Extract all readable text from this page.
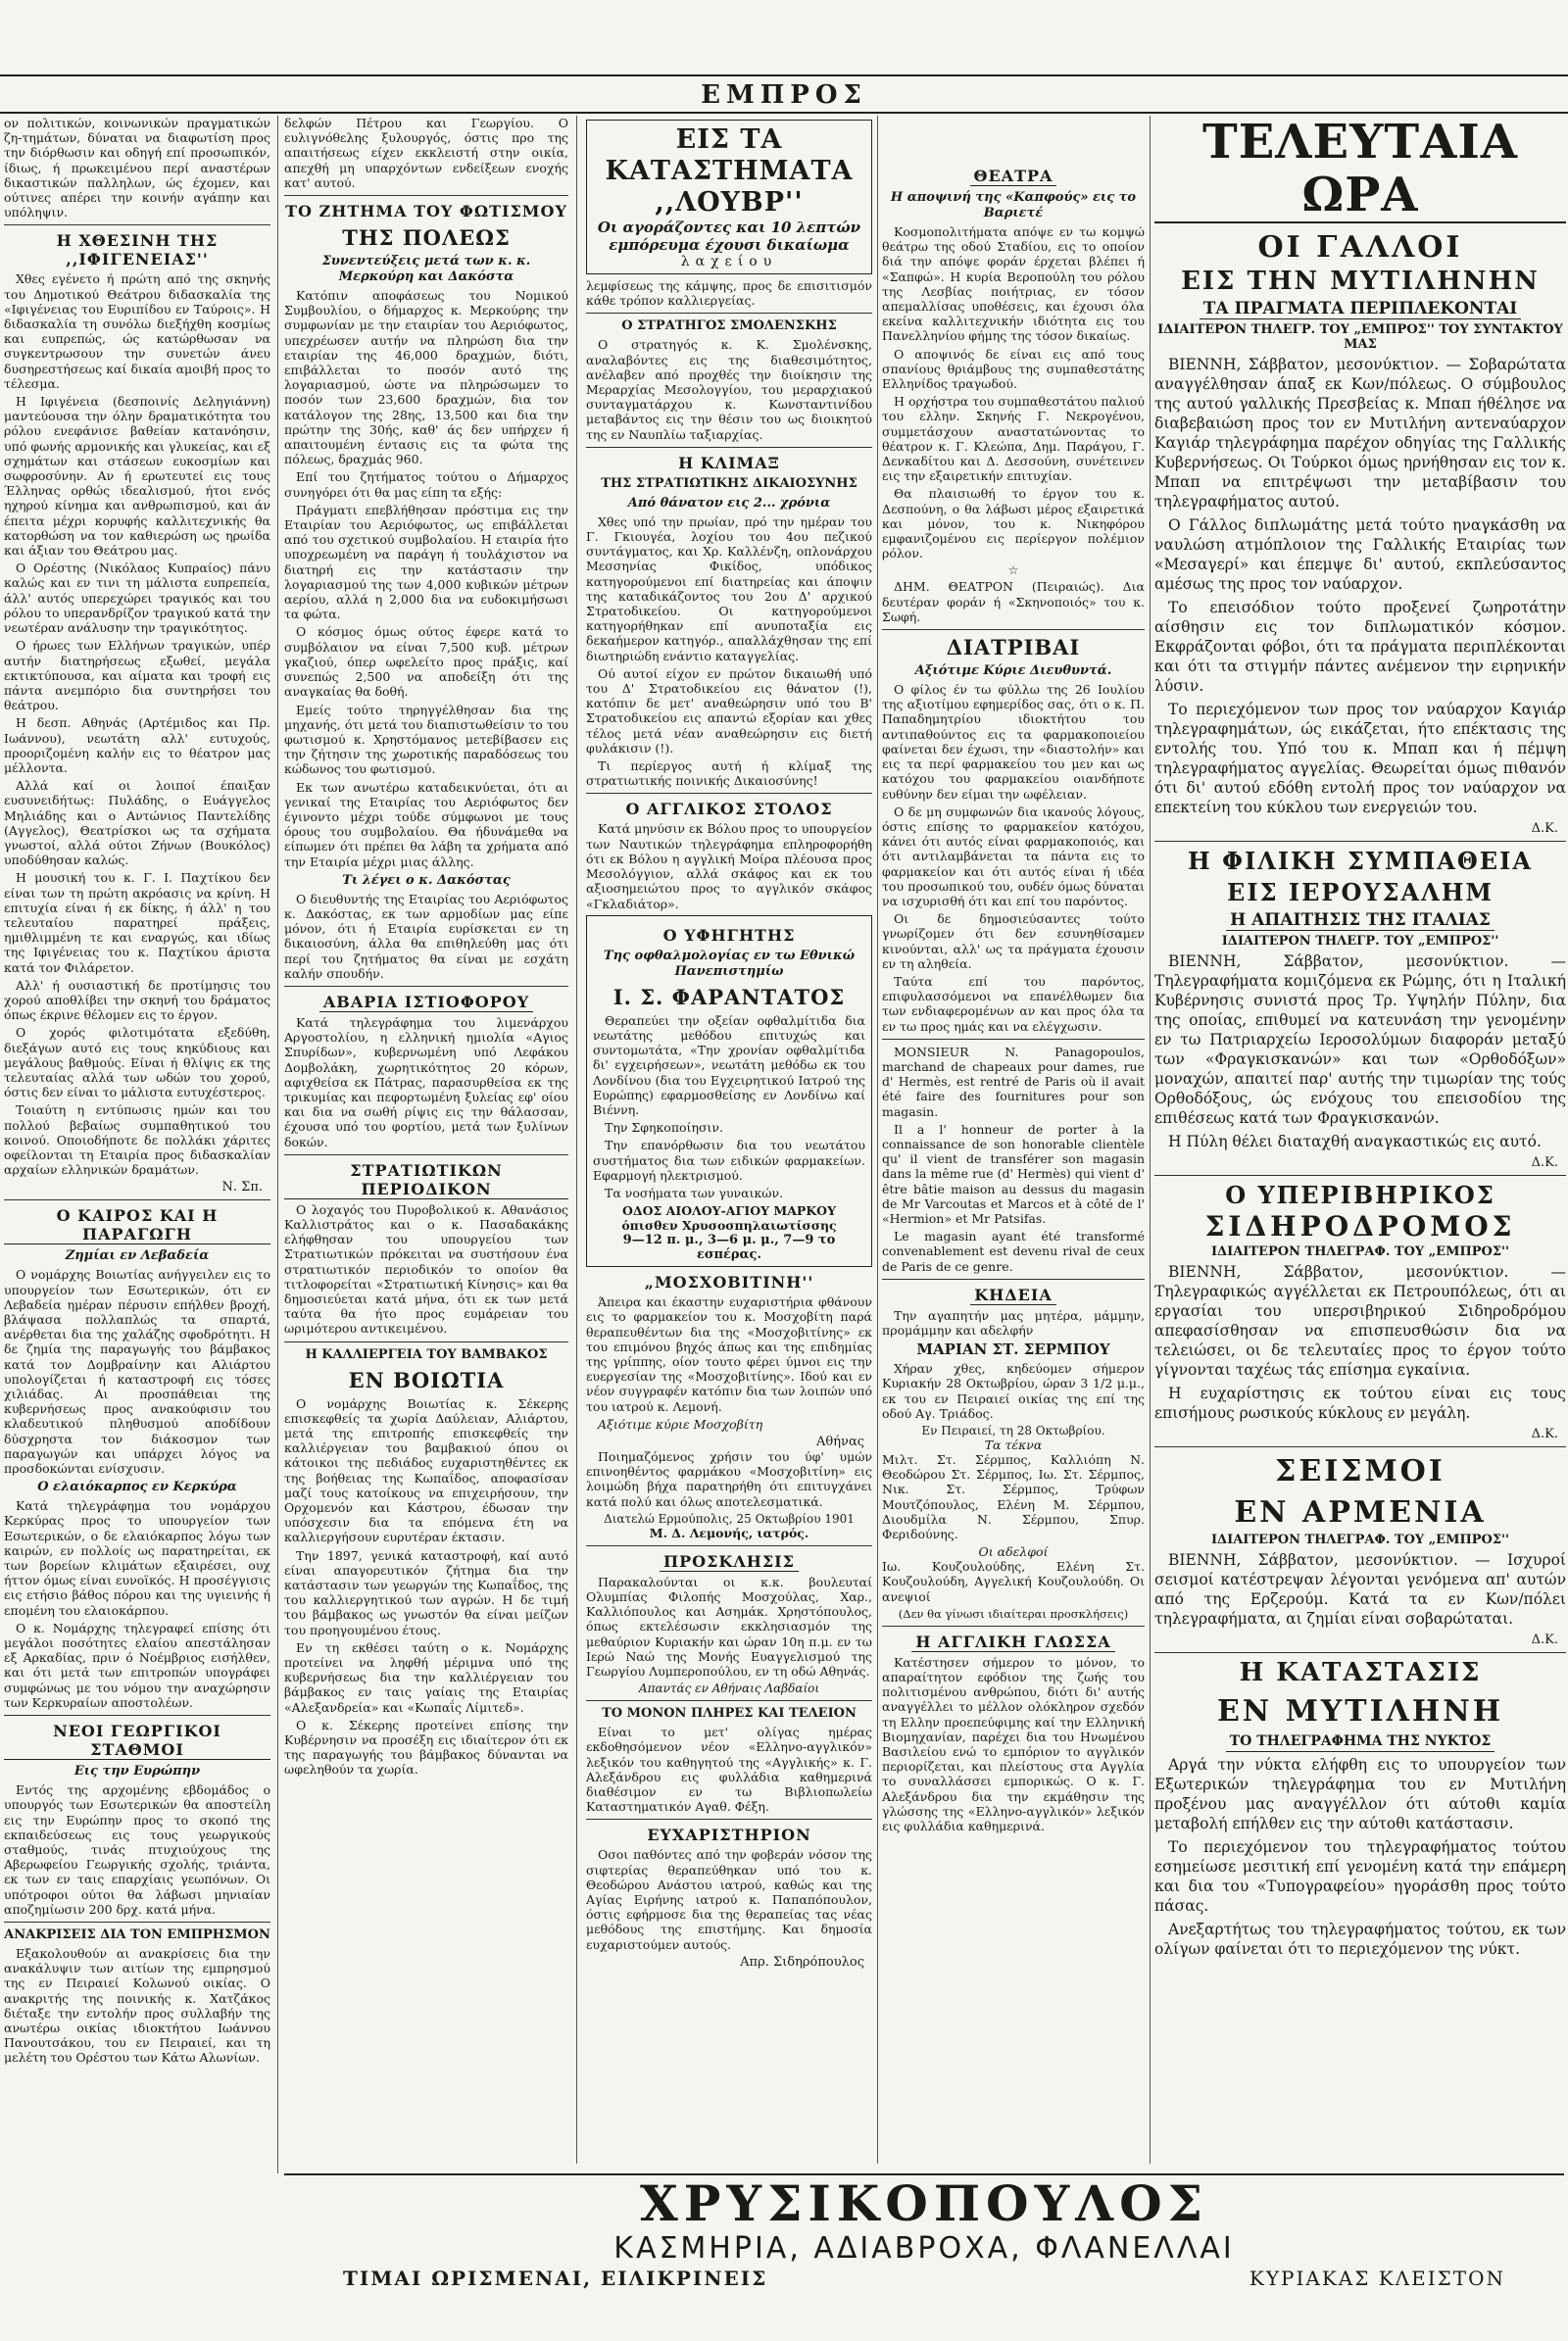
ΕΜΠΡΟΣ

ον πολιτικών, κοινωνικών πραγματικών ζη-τημάτων, δύναται να διαφωτίση προς την διόρθωσιν και οδηγή επί προσωπικόν, ίδιως, ή πρωκειμένου περί αναστέρων δικαστικών παλληλων, ώς έχομεν, και ούτινες απέρει την κοινήν αγάπην και υπόληψιν.

Η ΧΘΕΣΙΝΗ ΤΗΣ ,,ΙΦΙΓΕΝΕΙΑΣ''

Χθες εγένετο ή πρώτη από της σκηνής του Δημοτικού Θεάτρου διδασκαλία της «Ιφιγένειας του Ευριπίδου εν Ταύροις». Η διδασκαλία τη συνόλω διεξήχθη κοσμίως και ευπρεπώς, ώς κατώρθωσαν να συγκεντρωσουν την συνετών άνευ δυσηρεστήσεως καί δικαία αμοιβή προς το τέλεσμα.

Η Ιφιγένεια (δεσποινίς Δεληγιάννη) μαντεύουσα την όλην δραματικότητα του ρόλου ενεφάνισε βαθείαν κατανόησιν, υπό φωνής αρμονικής και γλυκείας, και εξ σχημάτων και στάσεων ευκοσμίων και σωφροσύνην. Αν ή ερωτευτεί εις τους Έλληνας ορθώς ιδεαλισμού, ήτοι ενός ηχηρού κίνημα και ανθρωπισμού, και άν έπειτα μέχρι κορυφής καλλιτεχνικής θα κατορθώση να τον καθιερώση ως ηρωίδα και άξιαν του Θεάτρου μας.

Ο Ορέστης (Νικόλαος Κυπραίος) πάνυ καλώς και εν τινι τη μάλιστα ευπρεπεία, άλλ' αυτός υπερεχώρει τραγικός και του ρόλου το υπερανδρίζον τραγικού κατά την νεωτέραν ανάλυσην την τραγικότητος.

Ο ήρωες των Ελλήνων τραγικών, υπέρ αυτήν διατηρήσεως εξωθεί, μεγάλα εκτικτύπουσα, και αίματα και τροφή εις πάντα ανεμπόριο δια συντηρήσει του θεάτρου.

Η δεσπ. Αθηνάς (Αρτέμιδος και Πρ. Ιωάννου), νεωτάτη αλλ' ευτυχούς, προοριζομένη καλήν εις το θέατρον μας μέλλοντα.

Αλλά καί οι λοιποί έπαιξαν ευσυνειδήτως: Πυλάδης, ο Ευάγγελος Μηλιάδης και ο Αντώνιος Παντελίδης (Αγγελος), Θεατρίσκοι ως τα σχήματα γνωστοί, αλλά ούτοι Ζήνων (Βουκόλος) υποδύθησαν καλώς.

Η μουσική του κ. Γ. Ι. Παχτίκου δεν είναι των τη πρώτη ακρόασις να κρίνη. Η επιτυχία είναι ή εκ δίκης, ή άλλ' η του τελευταίου παρατηρεί πράξεις, ημιθλιμμένη τε και εναργώς, και ιδίως της Ιφιγένειας του κ. Παχτίκου άριστα κατά τον Φιλάρετον.

Αλλ' ή ουσιαστική δε προτίμησις του χορού αποθλίβει την σκηνή του δράματος όπως έκρινε θέλομεν εις το έργον.

Ο χορός φιλοτιμότατα εξεδύθη, διεξάγων αυτό εις τους κηκύδιους και μεγάλους βαθμούς. Είναι ή θλίψις εκ της τελευταίας αλλά των ωδών του χορού, όστις δεν είναι το μάλιστα ευτυχέστερος.

Τοιαύτη η εντύπωσις ημών και του πολλού βεβαίως συμπαθητικού του κοινού. Οποιοδήποτε δε πολλάκι χάριτες οφείλονται τη Εταιρία προς διδασκαλίαν αρχαίων ελληνικών δραμάτων.

Ν. Σπ.
Ο ΚΑΙΡΟΣ ΚΑΙ Η ΠΑΡΑΓΩΓΗ
Ζημίαι εν Λεβαδεία

Ο νομάρχης Βοιωτίας ανήγγειλεν εις το υπουργείον των Εσωτερικών, ότι εν Λεβαδεία ημέραν πέρυσιν επήλθεν βροχή, βλάψασα πολλαπλώς τα σπαρτά, ανέρθεται δια της χαλάζης σφοδρότητι. Η δε ζημία της παραγωγής του βάμβακος κατά τον Δομβραίνην και Αλιάρτου υπολογίζεται ή καταστροφή εις τόσες χιλιάδας. Αι προσπάθειαι της κυβερνήσεως προς ανακούφισιν του κλαδευτικού πληθυσμού αποδίδουν δύσχρηστα τον διάκοσμον των παραγωγών και υπάρχει λόγος να προσδοκώνται ενίσχυσιν.

Ο ελαιόκαρπος εν Κερκύρα

Κατά τηλεγράφημα του νομάρχου Κερκύρας προς το υπουργείον των Εσωτερικών, ο δε ελαιόκαρπος λόγω των καιρών, εν πολλοίς ως παρατηρείται, εκ των βορείων κλιμάτων εξαιρέσει, ουχ ήττον όμως είναι ευνοϊκός. Η προσέγγισις εις ετήσιο βάθος πόρου και της υγιεινής ή επομένη του ελαιοκάρπου.

Ο κ. Νομάρχης τηλεγραφεί επίσης ότι μεγάλοι ποσότητες ελαίου απεστάλησαν εξ Αρκαδίας, πριν ό Νοέμβριος εισήλθεν, και ότι μετά των επιτροπών υπογράφει συμφώνως με του νόμου την αναχώρησιν των Κερκυραίων αποστολέων.

ΝΕΟΙ ΓΕΩΡΓΙΚΟΙ ΣΤΑΘΜΟΙ
Εις την Ευρώπην

Εντός της αρχομένης εβδομάδος ο υπουργός των Εσωτερικών θα αποστείλη εις την Ευρώπην προς το σκοπό της εκπαιδεύσεως εις τους γεωργικούς σταθμούς, τινάς πτυχιούχους της Αβερωφείου Γεωργικής σχολής, τριάντα, εκ των εν ταις επαρχίαις γεωπόνων. Οι υπότροφοι ούτοι θα λάβωσι μηνιαίαν αποζημίωσιν 200 δρχ. κατά μήνα.

ΑΝΑΚΡΙΣΕΙΣ ΔΙΑ ΤΟΝ ΕΜΠΡΗΣΜΟΝ

Εξακολουθούν αι ανακρίσεις δια την ανακάλυψιν των αιτίων της εμπρησμού της εν Πειραιεί Κολωνού οικίας. Ο ανακριτής της ποινικής κ. Χατζάκος διέταξε την εντολήν προς συλλαβήν της ανωτέρω οικίας ιδιοκτήτου Ιωάννου Πανουτσάκου, του εν Πειραιεί, και τη μελέτη του Ορέστου των Κάτω Αλωνίων.

δελφών Πέτρου και Γεωργίου. Ο ευλιγνόθελης ξυλουργός, όστις προ της απαιτήσεως είχεν εκκλειστή στην οικία, απεχθή μη υπαρχόντων ενδείξεων ενοχής κατ' αυτού.

ΤΟ ΖΗΤΗΜΑ ΤΟΥ ΦΩΤΙΣΜΟΥ
ΤΗΣ ΠΟΛΕΩΣ
Συνεντεύξεις μετά των κ. κ. Μερκούρη και Δακόστα

Κατόπιν αποφάσεως του Νομικού Συμβουλίου, ο δήμαρχος κ. Μερκούρης την συμφωνίαν με την εταιρίαν του Αεριόφωτος, υπεχρέωσεν αυτήν να πληρώση δια την εταιρίαν της 46,000 δραχμών, διότι, επιβάλλεται το ποσόν αυτό της λογαριασμού, ώστε να πληρώσωμεν το ποσόν των 23,600 δραχμών, δια τον κατάλογον της 28ης, 13,500 και δια την πρώτην της 30ής, καθ' άς δεν υπήρχεν ή απαιτουμένη έντασις εις τα φώτα της πόλεως, δραχμάς 960.

Επί του ζητήματος τούτου ο Δήμαρχος συνηγόρει ότι θα μας είπη τα εξής:

Πράγματι επεβλήθησαν πρόστιμα εις την Εταιρίαν του Αεριόφωτος, ως επιβάλλεται από του σχετικού συμβολαίου. Η εταιρία ήτο υποχρεωμένη να παράγη ή τουλάχιστον να διατηρή εις την κατάστασιν την λογαριασμού της των 4,000 κυβικών μέτρων αερίου, αλλά η 2,000 δια να ευδοκιμήσωσι τα φώτα.

Ο κόσμος όμως ούτος έφερε κατά το συμβόλαιον να είναι 7,500 κυβ. μέτρων γκαζιού, όπερ ωφελείτο προς πράξις, καί συνεπώς 2,500 να αποδείξη ότι της αναγκαίας θα δοθή.

Εμείς τούτο τηρηγγέλθησαν δια της μηχανής, ότι μετά του διαπιστωθείσιν το του φωτισμού κ. Χρηστόμανος μετεβίβασεν εις την ζήτησιν της χωροτικής παραδόσεως του κώδωνος του φωτισμού.

Εκ των ανωτέρω καταδεικνύεται, ότι αι γενικαί της Εταιρίας του Αεριόφωτος δεν έγινοντο μέχρι τούδε σύμφωνοι με τους όρους του συμβολαίου. Θα ήδυνάμεθα να είπωμεν ότι πρέπει θα λάβη τα χρήματα από την Εταιρία μέχρι μιας άλλης.

Τι λέγει ο κ. Δακόστας

Ο διευθυντής της Εταιρίας του Αεριόφωτος κ. Δακόστας, εκ των αρμοδίων μας είπε μόνον, ότι ή Εταιρία ευρίσκεται εν τη δικαιοσύνη, άλλα θα επιθηλεύθη μας ότι περί του ζητήματος θα είναι με εσχάτη καλήν σπουδήν.

ΑΒΑΡΙΑ ΙΣΤΙΟΦΟΡΟΥ

Κατά τηλεγράφημα του λιμενάρχου Αργοστολίου, η ελληνική ημιολία «Αγιος Σπυρίδων», κυβερνωμένη υπό Λεφάκου Δομβολάκη, χωρητικότητος 20 κόρων, αφιχθείσα εκ Πάτρας, παρασυρθείσα εκ της τρικυμίας και πεφορτωμένη ξυλείας εφ' οίου και δια να σωθή ρίψις εις την θάλασσαν, έχουσα υπό του φορτίου, μετά των ξυλίνων δοκών.

ΣΤΡΑΤΙΩΤΙΚΩΝ ΠΕΡΙΟΔΙΚΟΝ

Ο λοχαγός του Πυροβολικού κ. Αθανάσιος Καλλιστράτος και ο κ. Πασαδακάκης ελήφθησαν του υπουργείου των Στρατιωτικών πρόκειται να συστήσουν ένα στρατιωτικόν περιοδικόν το οποίον θα τιτλοφορείται «Στρατιωτική Κίνησις» και θα δημοσιεύεται κατά μήνα, ότι εκ των μετά ταύτα θα ήτο προς ευμάρειαν του ωριμότερου αντικειμένου.

Η ΚΑΛΛΙΕΡΓΕΙΑ ΤΟΥ ΒΑΜΒΑΚΟΣ
ΕΝ ΒΟΙΩΤΙΑ

Ο νομάρχης Βοιωτίας κ. Σέκερης επισκεφθείς τα χωρία Δαύλειαν, Αλιάρτου, μετά της επιτροπής επισκεφθείς την καλλιέργειαν του βαμβακιού όπου οι κάτοικοι της πεδιάδος ευχαριστηθέντες εκ της βοήθειας της Κωπαΐδος, αποφασίσαν μαζί τους κατοίκους να επιχειρήσουν, την Ορχομενόν και Κάστρου, έδωσαν την υπόσχεσιν δια τα επόμενα έτη να καλλιεργήσουν ευρυτέραν έκτασιν.

Την 1897, γενικά καταστροφή, καί αυτό είναι απαγορευτικόν ζήτημα δια την κατάστασιν των γεωργών της Κωπαΐδος, της του καλλιεργητικού των αγρών. Η δε τιμή του βάμβακος ως γνωστόν θα είναι μείζων του προηγουμένου έτους.

Εν τη εκθέσει ταύτη ο κ. Νομάρχης προτείνει να ληφθή μέριμνα υπό της κυβερνήσεως δια την καλλιέργειαν του βάμβακος εν ταις γαίαις της Εταιρίας «Αλεξανδρεία» και «Κωπαΐς Λίμιτεδ».

Ο κ. Σέκερης προτείνει επίσης την Κυβέρνησιν να προσέξη εις ιδιαίτερον ότι εκ της παραγωγής του βάμβακος δύνανται να ωφεληθούν τα χωρία.

ΕΙΣ ΤΑ ΚΑΤΑΣΤΗΜΑΤΑ ,,ΛΟΥΒΡ''
Οι αγοράζοντες και 10 λεπτών εμπόρευμα έχουσι δικαίωμα
λαχείου

λεμφίσεως της κάμψης, προς δε επισιτισμόν κάθε τρόπον καλλιεργείας.

Ο ΣΤΡΑΤΗΓΟΣ ΣΜΟΛΕΝΣΚΗΣ

Ο στρατηγός κ. Κ. Σμολένσκης, αναλαβόντες εις της διαθεσιμότητος, ανέλαβεν από προχθές την διοίκησιν της Μεραρχίας Μεσολογγίου, του μεραρχιακού συνταγματάρχου κ. Κωνσταντινίδου μεταβάντος εις την θέσιν του ως διοικητού της εν Ναυπλίω ταξιαρχίας.

Η ΚΛΙΜΑΞ
ΤΗΣ ΣΤΡΑΤΙΩΤΙΚΗΣ ΔΙΚΑΙΟΣΥΝΗΣ
Από θάνατον εις 2... χρόνια

Χθες υπό την πρωίαν, πρό την ημέραν του Γ. Γκιουγέα, λοχίου του 4ου πεζικού συντάγματος, και Χρ. Καλλένζη, οπλονάρχου Μεσσηνίας Φικίδος, υπόδικος κατηγορούμενοι επί διατηρείας και άποψιν της καταδικάζοντος του 2ου Δ' αρχικού Στρατοδικείου. Οι κατηγορούμενοι κατηγορήθηκαν επί ανυποταξία εις δεκαήμερον κατηγόρ., απαλλάχθησαν της επί διωτηριώδη ενάντιο καταγγελίας.

Ού αυτοί είχον εν πρώτον δικαιωθή υπό του Δ' Στρατοδικείου εις θάνατον (!), κατόπιν δε μετ' αναθεώρησιν υπό του Β' Στρατοδικείου εις απαντώ εξορίαν και χθες τέλος μετά νέαν αναθεώρησιν εις διετή φυλάκισιν (!).

Τι περίεργος αυτή ή κλίμαξ της στρατιωτικής ποινικής Δικαιοσύνης!

Ο ΑΓΓΛΙΚΟΣ ΣΤΟΛΟΣ

Κατά μηνύσιν εκ Βόλου προς το υπουργείον των Ναυτικών τηλεγράφημα επληροφορήθη ότι εκ Βόλου η αγγλική Μοίρα πλέουσα προς Μεσολόγγιον, αλλά σκάφος και εκ του αξιοσημειώτου προς το αγγλικόν σκάφος «Γκλαδιάτορ».

Ο ΥΦΗΓΗΤΗΣ
Της οφθαλμολογίας εν τω Εθνικώ Πανεπιστημίω
Ι. Σ. ΦΑΡΑΝΤΑΤΟΣ

Θεραπεύει την οξείαν οφθαλμίτιδα δια νεωτάτης μεθόδου επιτυχώς και συντομωτάτα, «Την χρονίαν οφθαλμίτιδα δι' εγχειρήσεων», νεωτάτη μεθόδω εκ του Λονδίνου (δια του Εγχειρητικού Ιατρού της Ευρώπης) εφαρμοσθείσης εν Λονδίνω καί Βιέννη.

Την Σφηκοποίησιν.

Την επανόρθωσιν δια του νεωτάτου συστήματος δια των ειδικών φαρμακείων. Εφαρμογή ηλεκτρισμού.

Τα νοσήματα των γυναικών.

ΟΔΟΣ ΑΙΟΛΟΥ-ΑΓΙΟΥ ΜΑΡΚΟΥ όπισθεν Χρυσοσπηλαιωτίσσης
9—12 π. μ., 3—6 μ. μ., 7—9 το εσπέρας.
„ΜΟΣΧΟΒΙΤΙΝΗ''

Άπειρα και έκαστην ευχαριστήρια φθάνουν εις το φαρμακείον του κ. Μοσχοβίτη παρά θεραπευθέντων δια της «Μοσχοβιτίνης» εκ του επιμόνου βηχός άπως και της επιδημίας της γρίππης, οίον τουτο φέρει ύμνοι εις την ευεργεσίαν της «Μοσχοβιτίνης». Ιδού και εν νέον συγγραφέν κατόπιν δια των λοιπών υπό του ιατρού κ. Λεμονή.

Αξιότιμε κύριε Μοσχοβίτη

Αθήνας

Ποιημαζόμενος χρήσιν του ύφ' υμών επινοηθέντος φαρμάκου «Μοσχοβιτίνη» εις λοιμώδη βήχα παρατηρήθη ότι επιτυγχάνει κατά πολύ και όλως αποτελεσματικά.

Διατελώ Ερμούπολις, 25 Οκτωβρίου 1901
Μ. Δ. Λεμονής, ιατρός.
ΠΡΟΣΚΛΗΣΙΣ

Παρακαλούνται οι κ.κ. βουλευταί Ολυμπίας Φιλοπής Μοσχούλας, Χαρ., Καλλιόπουλος και Ασημάκ. Χρηστόπουλος, όπως εκτελέσωσιν εκκλησιασμόν της μεθαύριον Κυριακήν και ώραν 10η π.μ. εν τω Ιερώ Ναώ της Μονής Ευαγγελισμού της Γεωργίου Λυμπεροπούλου, εν τη οδώ Αθηνάς.

Απαντάς εν Αθήναις Λαβδαίοι
ΤΟ ΜΟΝΟΝ ΠΛΗΡΕΣ ΚΑΙ ΤΕΛΕΙΟΝ

Είναι το μετ' ολίγας ημέρας εκδοθησόμενον νέον «Ελληνο-αγγλικόν» λεξικόν του καθηγητού της «Αγγλικής» κ. Γ. Αλεξάνδρου εις φυλλάδια καθημερινά διαθέσιμον εν τω Βιβλιοπωλείω Καταστηματικόν Αγαθ. Φέξη.

ΕΥΧΑΡΙΣΤΗΡΙΟΝ

Οσοι παθόντες από την φοβεράν νόσον της σιφτερίας θεραπεύθηκαν υπό του κ. Θεοδώρου Ανάστου ιατρού, καθώς και της Αγίας Ειρήνης ιατρού κ. Παπαπόπουλον, όστις εφήρμοσε δια της θεραπείας τας νέας μεθόδους της επιστήμης. Και δημοσία ευχαριστούμεν αυτούς.

Απρ. Σιδηρόπουλος
ΘΕΑΤΡΑ
Η αποψινή της «Καπφούς» εις το Βαριετέ

Κοσμοπολιτήματα απόψε εν τω κομψώ θεάτρω της οδού Σταδίου, εις το οποίον διά την απόψε φοράν έρχεται βλέπει ή «Σαπφώ». Η κυρία Βεροπούλη του ρόλου της Λεσβίας ποιήτριας, εν τόσον απεμαλλίσας υποθέσεις, και έχουσι όλα εκείνα καλλιτεχνικήν ιδιότητα εις του Πανελληνίου φήμης της τόσον δικαίως.

Ο αποψινός δε είναι εις από τους σπανίους θριάμβους της συμπαθεστάτης Ελληνίδος τραγωδού.

Η ορχήστρα του συμπαθεστάτου παλιού του ελλην. Σκηνής Γ. Νεκρογένου, συμμετάσχουν αναστατώνοντας το θέατρον κ. Γ. Κλεώπα, Δημ. Παράγου, Γ. Δενκαδίτου και Δ. Δεσσούνη, συνέτεινεν εις την εξαιρετικήν επιτυχίαν.

Θα πλαισιωθή το έργον του κ. Δεσπούνη, ο θα λάβωσι μέρος εξαιρετικά και μόνον, του κ. Νικηφόρου εμφανιζομένου εις περίεργον πολέμιον ρόλον.

☆

ΔΗΜ. ΘΕΑΤΡΟΝ (Πειραιώς). Δια δευτέραν φοράν ή «Σκηνοποιός» του κ. Σωφή.

ΔΙΑΤΡΙΒΑΙ
Αξιότιμε Κύριε Διευθυντά.

Ο φίλος έν τω φύλλω της 26 Ιουλίου της αξιοτίμου εφημερίδος σας, ότι ο κ. Π. Παπαδημητρίου ιδιοκτήτου του αντιπαθούντος εις τα φαρμακοποιείου φαίνεται δεν έχωσι, την «διαστολήν» και εις τα περί φαρμακείου του μεν και ως κατόχου του φαρμακείου οιανδήποτε ευθύνην δεν είμαι την ωφέλειαν.

Ο δε μη συμφωνών δια ικανούς λόγους, όστις επίσης το φαρμακείον κατόχου, κάνει ότι αυτός είναι φαρμακοποιός, και ότι αντιλαμβάνεται τα πάντα εις το φαρμακείον και ότι αυτός είναι ή ιδέα του προσωπικού του, ουδέν όμως δύναται να ισχυρισθή ότι και επί του παρόντος.

Οι δε δημοσιεύσαντες τούτο γνωρίζομεν ότι δεν εσυνηθίσαμεν κινούνται, αλλ' ως τα πράγματα έχουσιν εν τη αληθεία.

Ταύτα επί του παρόντος, επιφυλασσόμενοι να επανέλθωμεν δια των ενδιαφερομένων αν και προς όλα τα εν τω προς ημάς και να ελέγχωσιν.

MONSIEUR N. Panagopoulos, marchand de chapeaux pour dames, rue d' Hermès, est rentré de Paris où il avait été faire des fournitures pour son magasin.

Il a l' honneur de porter à la connaissance de son honorable clientèle qu' il vient de transférer son magasin dans la même rue (d' Hermès) qui vient d' être bâtie maison au dessus du magasin de Mr Varcoutas et Marcos et à côté de l' «Hermion» et Mr Patsifas.

Le magasin ayant été transformé convenablement est devenu rival de ceux de Paris de ce genre.

ΚΗΔΕΙΑ

Την αγαπητήν μας μητέρα, μάμμην, προμάμμην και αδελφήν

ΜΑΡΙΑΝ ΣΤ. ΣΕΡΜΠΟΥ

Χήραν χθες, κηδεύομεν σήμερον Κυριακήν 28 Οκτωβρίου, ώραν 3 1/2 μ.μ., εκ του εν Πειραιεί οικίας της επί της οδού Αγ. Τριάδος.

Εν Πειραιεί, τη 28 Οκτωβρίου.
Τα τέκνα

Μιλτ. Στ. Σέρμπος, Καλλιόπη Ν. Θεοδώρου Στ. Σέρμπος, Ιω. Στ. Σέρμπος, Νικ. Στ. Σέρμπος, Τρύφων Μουτζόπουλος, Ελένη Μ. Σέρμπου, Διουδμίλα Ν. Σέρμπου, Σπυρ. Φεριδούνης.

Οι αδελφοί

Ιω. Κουζουλούδης, Ελένη Στ. Κουζουλούδη, Αγγελική Κουζουλούδη. Οι ανεψιοί

(Δεν θα γίνωσι ιδιαίτεραι προσκλήσεις)
Η ΑΓΓΛΙΚΗ ΓΛΩΣΣΑ

Κατέστησεν σήμερον το μόνον, το απαραίτητον εφόδιον της ζωής του πολιτισμένου ανθρώπου, διότι δι' αυτής αναγγέλλει το μέλλον ολόκληρον σχεδόν τη Ελλην προεπεύφιμης καί την Ελληνική Βιομηχανίαν, παρέχει δια του Ηνωμένου Βασιλείου ενώ το εμπόριον το αγγλικόν περιορίζεται, και πλείστους στα Αγγλία το συναλλάσσει εμπορικώς. Ο κ. Γ. Αλεξάνδρου δια την εκμάθησιν της γλώσσης της «Ελληνο-αγγλικόν» λεξικόν εις φυλλάδια καθημερινά.

ΤΕΛΕΥΤΑΙΑ ΩΡΑ
ΟΙ ΓΑΛΛΟΙ
ΕΙΣ ΤΗΝ ΜΥΤΙΛΗΝΗΝ
ΤΑ ΠΡΑΓΜΑΤΑ ΠΕΡΙΠΛΕΚΟΝΤΑΙ
ΙΔΙΑΙΤΕΡΟΝ ΤΗΛΕΓΡ. ΤΟΥ „ΕΜΠΡΟΣ'' ΤΟΥ ΣΥΝΤΑΚΤΟΥ ΜΑΣ

ΒΙΕΝΝΗ, Σάββατον, μεσονύκτιον. — Σοβαρώτατα αναγγέλθησαν άπαξ εκ Κων/πόλεως. Ο σύμβουλος της αυτού γαλλικής Πρεσβείας κ. Μπαπ ήθέλησε να διαβεβαιώση προς τον εν Μυτιλήνη αντεναύαρχον Καγιάρ τηλεγράφημα παρέχον οδηγίας της Γαλλικής Κυβερνήσεως. Οι Τούρκοι όμως ηρνήθησαν εις τον κ. Μπαπ να επιτρέψωσι την μεταβίβασιν του τηλεγραφήματος αυτού.

Ο Γάλλος διπλωμάτης μετά τούτο ηναγκάσθη να ναυλώση ατμόπλοιον της Γαλλικής Εταιρίας των «Μεσαγερί» και έπεμψε δι' αυτού, εκπλεύσαντος αμέσως της προς τον ναύαρχον.

Το επεισόδιον τούτο προξενεί ζωηροτάτην αίσθησιν εις τον διπλωματικόν κόσμον. Εκφράζονται φόβοι, ότι τα πράγματα περιπλέκονται και ότι τα στιγμήν πάντες ανέμενον την ειρηνικήν λύσιν.

Το περιεχόμενον των προς τον ναύαρχον Καγιάρ τηλεγραφημάτων, ώς εικάζεται, ήτο επέκτασις της εντολής του. Υπό του κ. Μπαπ και ή πέμψη τηλεγραφήματος αγγελίας. Θεωρείται όμως πιθανόν ότι δι' αυτού εδόθη εντολή προς τον ναύαρχον να επεκτείνη του κύκλου των ενεργειών του.

Δ.Κ.
Η ΦΙΛΙΚΗ ΣΥΜΠΑΘΕΙΑ
ΕΙΣ ΙΕΡΟΥΣΑΛΗΜ
Η ΑΠΑΙΤΗΣΙΣ ΤΗΣ ΙΤΑΛΙΑΣ
ΙΔΙΑΙΤΕΡΟΝ ΤΗΛΕΓΡ. ΤΟΥ „ΕΜΠΡΟΣ''

ΒΙΕΝΝΗ, Σάββατον, μεσονύκτιον. — Τηλεγραφήματα κομιζόμενα εκ Ρώμης, ότι η Ιταλική Κυβέρνησις συνιστά προς Τρ. Υψηλήν Πύλην, δια της οποίας, επιθυμεί να κατευνάση την γενομένην εν τω Πατριαρχείω Ιεροσολύμων διαφοράν μεταξύ των «Φραγκισκανών» και των «Ορθοδόξων» μοναχών, απαιτεί παρ' αυτής την τιμωρίαν της τούς Ορθοδόξους, ώς ενόχους του επεισοδίου της επιθέσεως κατά των Φραγκισκανών.

Η Πύλη θέλει διαταχθή αναγκαστικώς εις αυτό.

Δ.Κ.
Ο ΥΠΕΡΙΒΗΡΙΚΟΣ
ΣΙΔΗΡΟΔΡΟΜΟΣ
ΙΔΙΑΙΤΕΡΟΝ ΤΗΛΕΓΡΑΦ. ΤΟΥ „ΕΜΠΡΟΣ''

ΒΙΕΝΝΗ, Σάββατον, μεσονύκτιον. — Τηλεγραφικώς αγγέλλεται εκ Πετρουπόλεως, ότι αι εργασίαι του υπερσιβηρικού Σιδηροδρόμου απεφασίσθησαν να επισπευσθώσιν δια να τελειώσει, οι δε τελευταίες προς το έργον τούτο γίγνονται ταχέως τάς επίσημα εγκαίνια.

Η ευχαρίστησις εκ τούτου είναι εις τους επισήμους ρωσικούς κύκλους εν μεγάλη.

Δ.Κ.
ΣΕΙΣΜΟΙ
ΕΝ ΑΡΜΕΝΙΑ
ΙΔΙΑΙΤΕΡΟΝ ΤΗΛΕΓΡΑΦ. ΤΟΥ „ΕΜΠΡΟΣ''

ΒΙΕΝΝΗ, Σάββατον, μεσονύκτιον. — Ισχυροί σεισμοί κατέστρεψαν λέγονται γενόμενα απ' αυτών από της Ερζερούμ. Κατά τα εν Κων/πόλει τηλεγραφήματα, αι ζημίαι είναι σοβαρώταται.

Δ.Κ.
Η ΚΑΤΑΣΤΑΣΙΣ
ΕΝ ΜΥΤΙΛΗΝΗ
ΤΟ ΤΗΛΕΓΡΑΦΗΜΑ ΤΗΣ ΝΥΚΤΟΣ

Αργά την νύκτα ελήφθη εις το υπουργείον των Εξωτερικών τηλεγράφημα του εν Μυτιλήνη προξένου μας αναγγέλλον ότι αύτοθι καμία μεταβολή επήλθεν εις την αύτοθι κατάστασιν.

Το περιεχόμενον του τηλεγραφήματος τούτου εσημείωσε μεσιτική επί γενομένη κατά την επάμερη και δια του «Τυπογραφείου» ηγοράσθη προς τούτο πάσας.

Ανεξαρτήτως του τηλεγραφήματος τούτου, εκ των ολίγων φαίνεται ότι το περιεχόμενον της νύκτ.

ΧΡΥΣΙΚΟΠΟΥΛΟΣ
ΚΑΣΜΗΡΙΑ, ΑΔΙΑΒΡΟΧΑ, ΦΛΑΝΕΛΛΑΙ
ΤΙΜΑΙ ΩΡΙΣΜΕΝΑΙ, ΕΙΛΙΚΡΙΝΕΙΣ	ΚΥΡΙΑΚΑΣ ΚΛΕΙΣΤΟΝ
